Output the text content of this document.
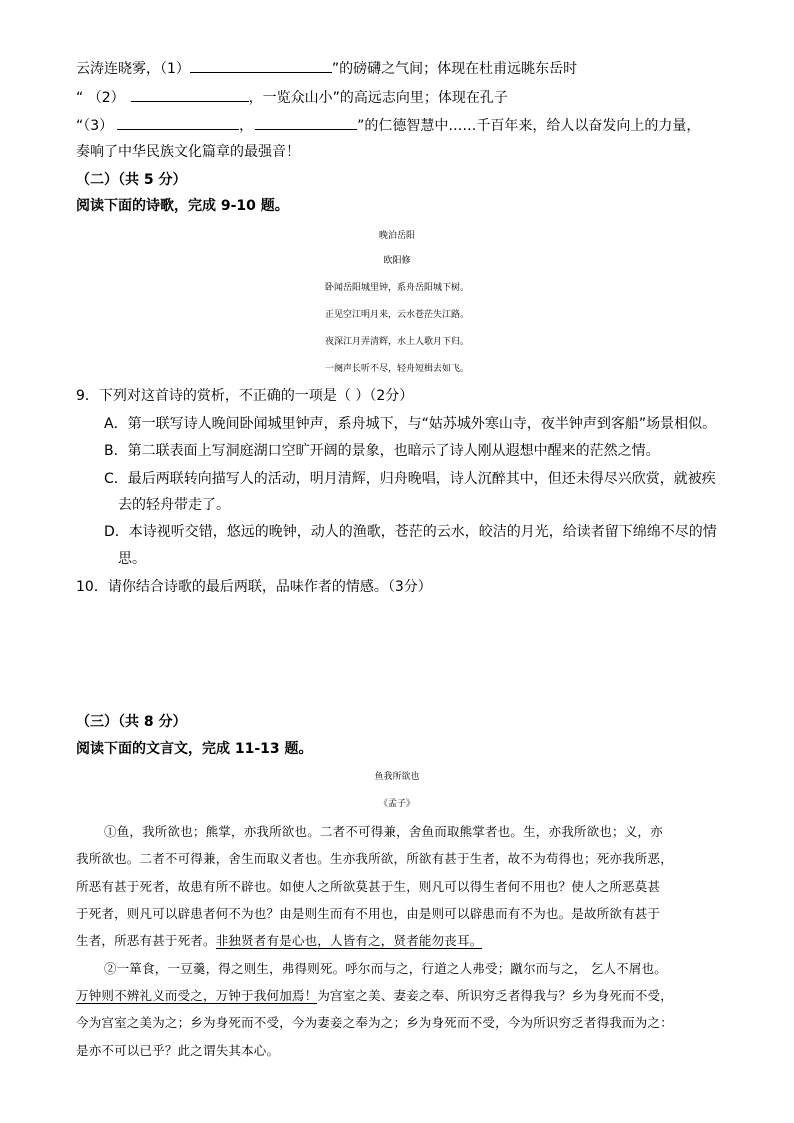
云涛连晓雾，（1）	”的磅礴之气间；体现在杜甫远眺东岳时
“ （2）	，一览众山小”的高远志向里；体现在孔子
“（3）	，	”的仁德智慧中……千百年来，给人以奋发向上的力量，
奏响了中华民族文化篇章的最强音！
（二）（共 5 分）
阅读下面的诗歌，完成 9-10 题。
晚泊岳阳
欧阳修
卧闻岳阳城里钟，系舟岳阳城下树。
正见空江明月来，云水苍茫失江路。
夜深江月弄清辉，水上人歌月下归。
一阕声长听不尽，轻舟短楫去如飞。
9．下列对这首诗的赏析，不正确的一项是（ ）（2分）
A．第一联写诗人晚间卧闻城里钟声，系舟城下，与“姑苏城外寒山寺，夜半钟声到客船”场景相似。
B．第二联表面上写洞庭湖口空旷开阔的景象，也暗示了诗人刚从遐想中醒来的茫然之情。
C．最后两联转向描写人的活动，明月清辉，归舟晚唱，诗人沉醉其中，但还未得尽兴欣赏，就被疾
去的轻舟带走了。
D．本诗视听交错，悠远的晚钟，动人的渔歌，苍茫的云水，皎洁的月光，给读者留下绵绵不尽的情
思。
10．请你结合诗歌的最后两联，品味作者的情感。（3分）
（三）（共 8 分）
阅读下面的文言文，完成 11-13 题。
鱼我所欲也
《孟子》
①鱼，我所欲也；熊掌，亦我所欲也。二者不可得兼，舍鱼而取熊掌者也。生，亦我所欲也；义，亦
我所欲也。二者不可得兼，舍生而取义者也。生亦我所欲，所欲有甚于生者，故不为苟得也；死亦我所恶，
所恶有甚于死者，故患有所不辟也。如使人之所欲莫甚于生，则凡可以得生者何不用也？使人之所恶莫甚
于死者，则凡可以辟患者何不为也？由是则生而有不用也，由是则可以辟患而有不为也。是故所欲有甚于
生者，所恶有甚于死者。非独贤者有是心也，人皆有之，贤者能勿丧耳。
②一箪食，一豆羹，得之则生，弗得则死。呼尔而与之，行道之人弗受；蹴尔而与之， 乞人不屑也。
万钟则不辨礼义而受之，万钟于我何加焉！为宫室之美、妻妾之奉、所识穷乏者得我与？乡为身死而不受，
今为宫室之美为之；乡为身死而不受，今为妻妾之奉为之；乡为身死而不受，今为所识穷乏者得我而为之：
是亦不可以已乎？此之谓失其本心。
